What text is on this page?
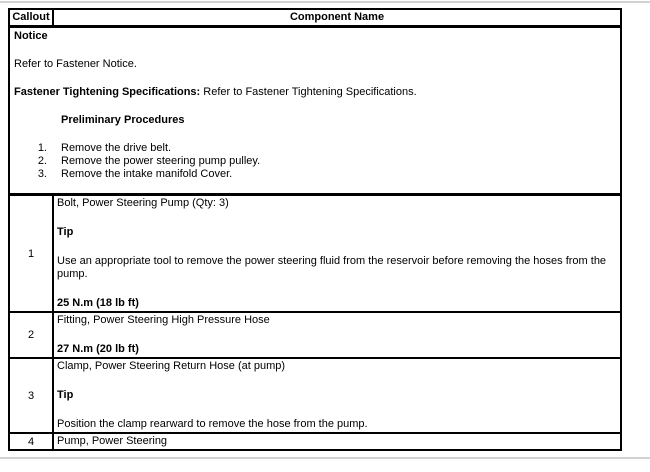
Callout	Component Name

Notice
Refer to Fastener Notice.
Fastener Tightening Specifications: Refer to Fastener Tightening Specifications.
Preliminary Procedures
1. Remove the drive belt.
2. Remove the power steering pump pulley.
3. Remove the intake manifold Cover.

1	Bolt, Power Steering Pump (Qty: 3)
Tip
Use an appropriate tool to remove the power steering fluid from the reservoir before removing the hoses from the pump.
25 N.m (18 lb ft)

2	Fitting, Power Steering High Pressure Hose
27 N.m (20 lb ft)

3	Clamp, Power Steering Return Hose (at pump)
Tip
Position the clamp rearward to remove the hose from the pump.

4	Pump, Power Steering
